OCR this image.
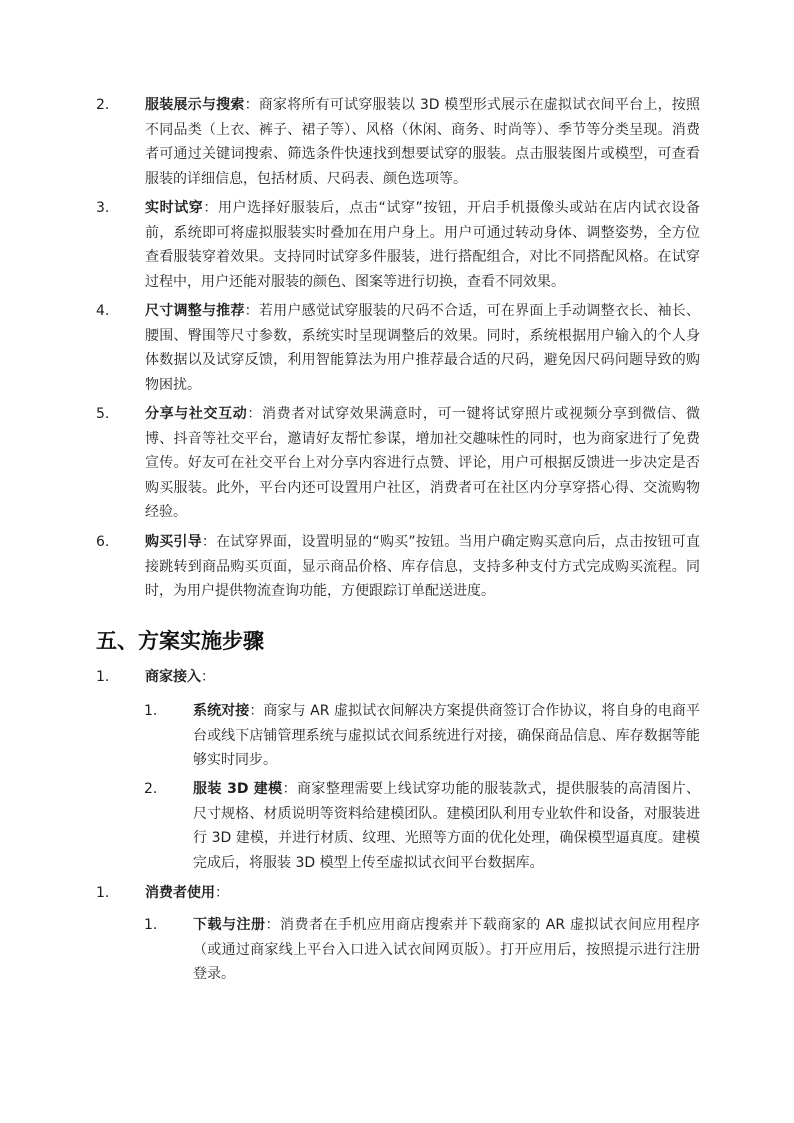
2.	服装展示与搜索：商家将所有可试穿服装以 3D 模型形式展示在虚拟试衣间平台上，按照不同品类（上衣、裤子、裙子等）、风格（休闲、商务、时尚等）、季节等分类呈现。消费者可通过关键词搜索、筛选条件快速找到想要试穿的服装。点击服装图片或模型，可查看服装的详细信息，包括材质、尺码表、颜色选项等。
3.	实时试穿：用户选择好服装后，点击“试穿”按钮，开启手机摄像头或站在店内试衣设备前，系统即可将虚拟服装实时叠加在用户身上。用户可通过转动身体、调整姿势，全方位查看服装穿着效果。支持同时试穿多件服装，进行搭配组合，对比不同搭配风格。在试穿过程中，用户还能对服装的颜色、图案等进行切换，查看不同效果。
4.	尺寸调整与推荐：若用户感觉试穿服装的尺码不合适，可在界面上手动调整衣长、袖长、腰围、臀围等尺寸参数，系统实时呈现调整后的效果。同时，系统根据用户输入的个人身体数据以及试穿反馈，利用智能算法为用户推荐最合适的尺码，避免因尺码问题导致的购物困扰。
5.	分享与社交互动：消费者对试穿效果满意时，可一键将试穿照片或视频分享到微信、微博、抖音等社交平台，邀请好友帮忙参谋，增加社交趣味性的同时，也为商家进行了免费宣传。好友可在社交平台上对分享内容进行点赞、评论，用户可根据反馈进一步决定是否购买服装。此外，平台内还可设置用户社区，消费者可在社区内分享穿搭心得、交流购物经验。
6.	购买引导：在试穿界面，设置明显的“购买”按钮。当用户确定购买意向后，点击按钮可直接跳转到商品购买页面，显示商品价格、库存信息，支持多种支付方式完成购买流程。同时，为用户提供物流查询功能，方便跟踪订单配送进度。
五、方案实施步骤
1.	商家接入：
1.	系统对接：商家与 AR 虚拟试衣间解决方案提供商签订合作协议，将自身的电商平台或线下店铺管理系统与虚拟试衣间系统进行对接，确保商品信息、库存数据等能够实时同步。
2.	服装 3D 建模：商家整理需要上线试穿功能的服装款式，提供服装的高清图片、尺寸规格、材质说明等资料给建模团队。建模团队利用专业软件和设备，对服装进行 3D 建模，并进行材质、纹理、光照等方面的优化处理，确保模型逼真度。建模完成后，将服装 3D 模型上传至虚拟试衣间平台数据库。
1.	消费者使用：
1.	下载与注册：消费者在手机应用商店搜索并下载商家的 AR 虚拟试衣间应用程序（或通过商家线上平台入口进入试衣间网页版）。打开应用后，按照提示进行注册登录。
